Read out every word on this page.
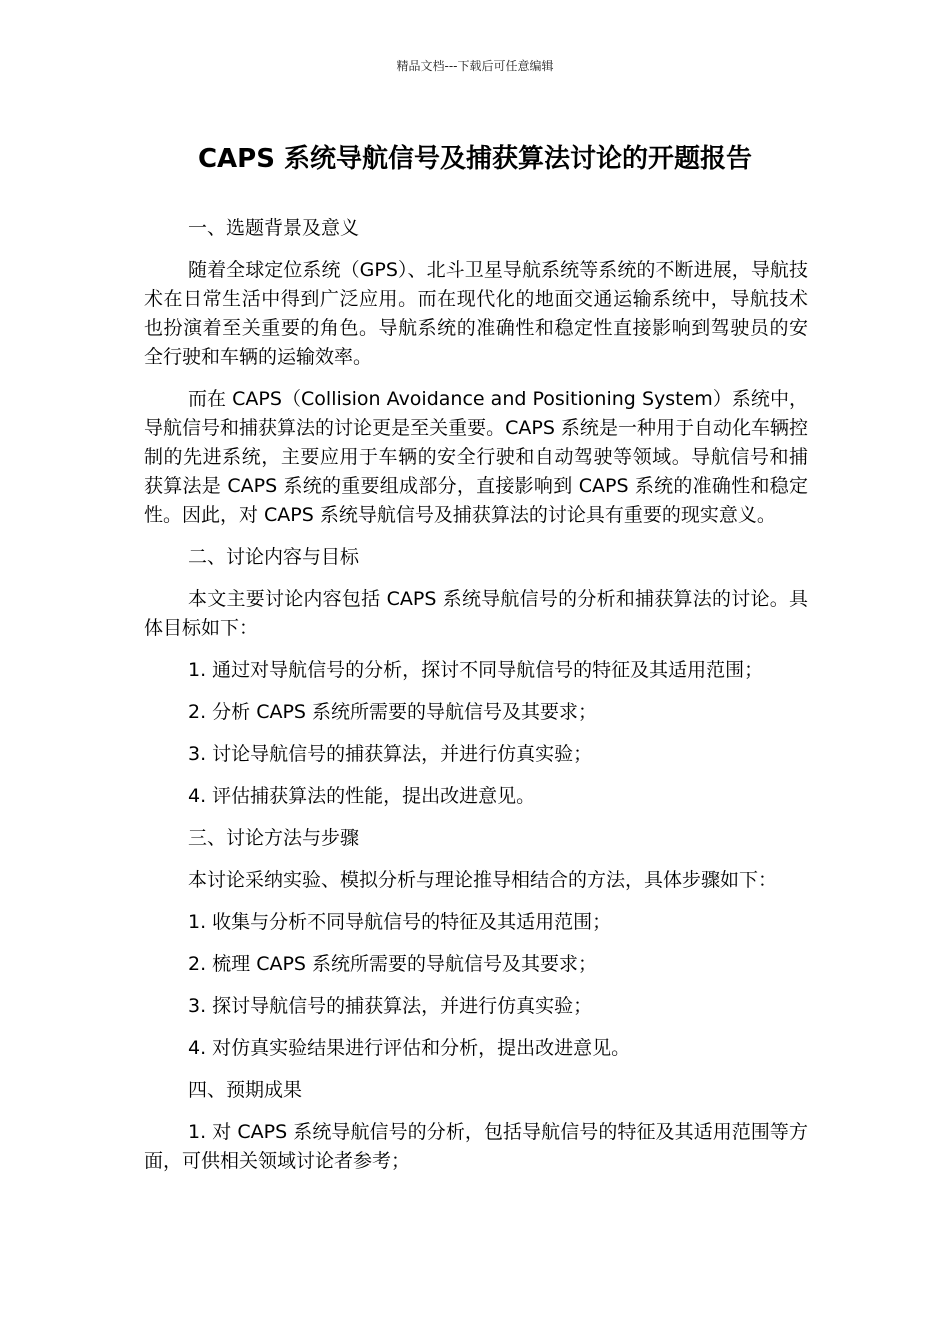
精品文档---下载后可任意编辑
CAPS 系统导航信号及捕获算法讨论的开题报告

一、选题背景及意义

随着全球定位系统（GPS）、北斗卫星导航系统等系统的不断进展，导航技术在日常生活中得到广泛应用。而在现代化的地面交通运输系统中，导航技术也扮演着至关重要的角色。导航系统的准确性和稳定性直接影响到驾驶员的安全行驶和车辆的运输效率。

而在 CAPS（Collision Avoidance and Positioning System）系统中，导航信号和捕获算法的讨论更是至关重要。CAPS 系统是一种用于自动化车辆控制的先进系统，主要应用于车辆的安全行驶和自动驾驶等领域。导航信号和捕获算法是 CAPS 系统的重要组成部分，直接影响到 CAPS 系统的准确性和稳定性。因此，对 CAPS 系统导航信号及捕获算法的讨论具有重要的现实意义。

二、讨论内容与目标

本文主要讨论内容包括 CAPS 系统导航信号的分析和捕获算法的讨论。具体目标如下：

1. 通过对导航信号的分析，探讨不同导航信号的特征及其适用范围；

2. 分析 CAPS 系统所需要的导航信号及其要求；

3. 讨论导航信号的捕获算法，并进行仿真实验；

4. 评估捕获算法的性能，提出改进意见。

三、讨论方法与步骤

本讨论采纳实验、模拟分析与理论推导相结合的方法，具体步骤如下：

1. 收集与分析不同导航信号的特征及其适用范围；

2. 梳理 CAPS 系统所需要的导航信号及其要求；

3. 探讨导航信号的捕获算法，并进行仿真实验；

4. 对仿真实验结果进行评估和分析，提出改进意见。

四、预期成果

1. 对 CAPS 系统导航信号的分析，包括导航信号的特征及其适用范围等方面，可供相关领域讨论者参考；
